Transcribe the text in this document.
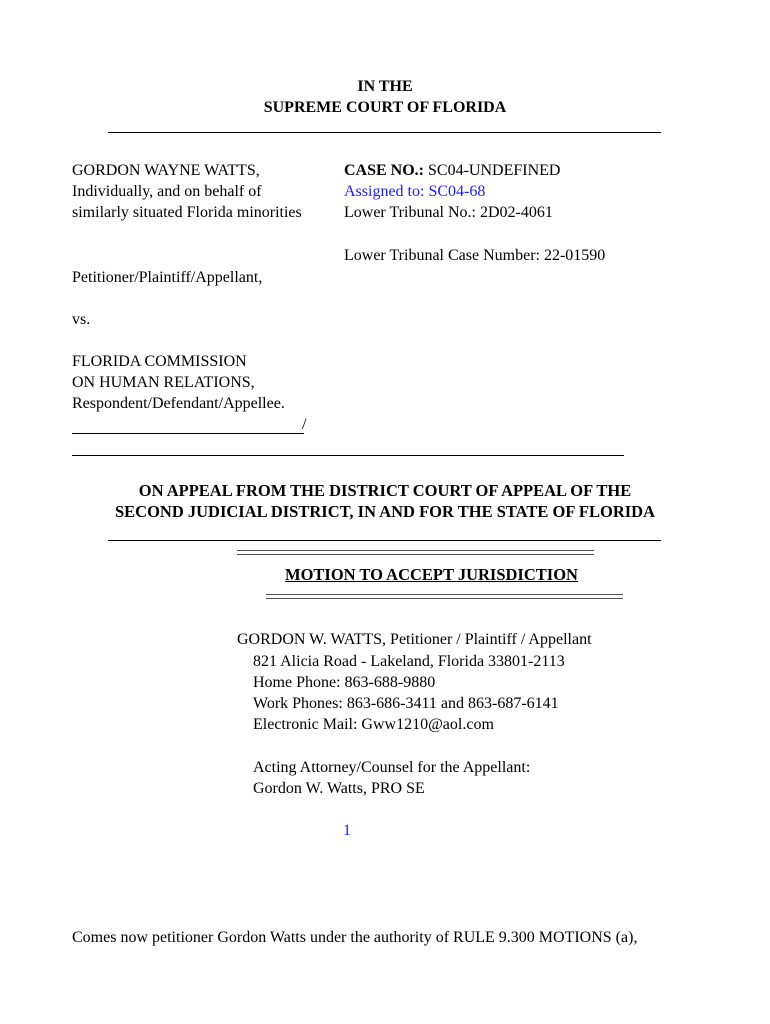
IN THE
SUPREME COURT OF FLORIDA
GORDON WAYNE WATTS,
Individually, and on behalf of
similarly situated Florida minorities
CASE NO.: SC04-UNDEFINED
Assigned to: SC04-68
Lower Tribunal No.: 2D02-4061
Lower Tribunal Case Number: 22-01590
Petitioner/Plaintiff/Appellant,
vs.
FLORIDA COMMISSION
ON HUMAN RELATIONS,
Respondent/Defendant/Appellee.
/
ON APPEAL FROM THE DISTRICT COURT OF APPEAL OF THE
SECOND JUDICIAL DISTRICT, IN AND FOR THE STATE OF FLORIDA
MOTION TO ACCEPT JURISDICTION
GORDON W. WATTS, Petitioner / Plaintiff / Appellant
821 Alicia Road - Lakeland, Florida 33801-2113
Home Phone: 863-688-9880
Work Phones: 863-686-3411 and 863-687-6141
Electronic Mail: Gww1210@aol.com
Acting Attorney/Counsel for the Appellant:
Gordon W. Watts, PRO SE
1
Comes now petitioner Gordon Watts under the authority of RULE 9.300 MOTIONS (a),
